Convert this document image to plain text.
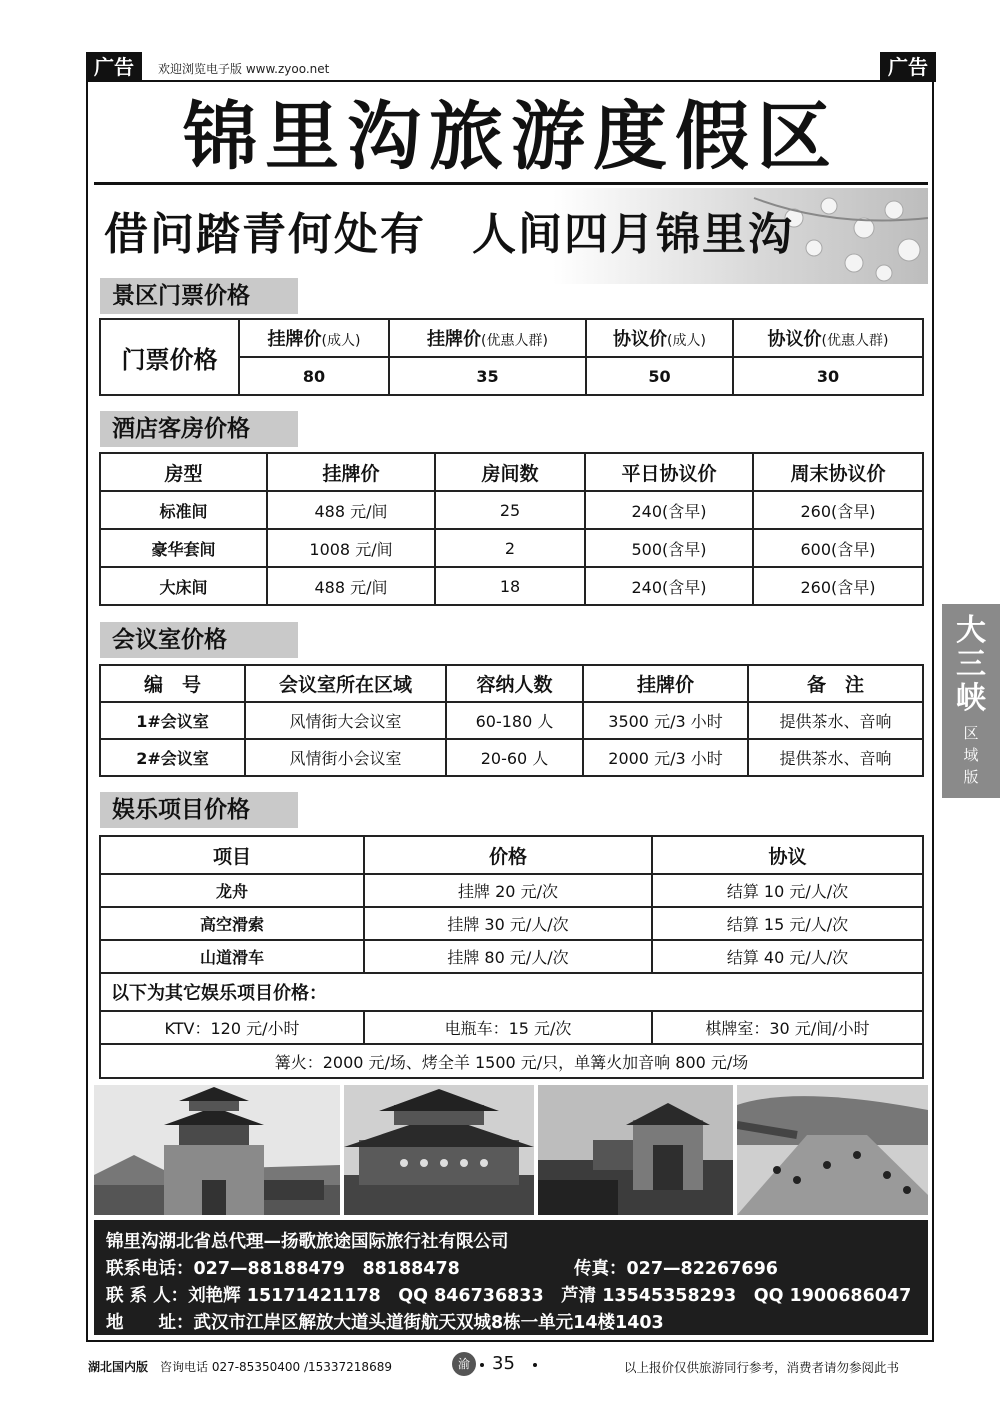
广告	欢迎浏览电子版 www.zyoo.net	广告
锦里沟旅游度假区
借问踏青何处有　人间四月锦里沟
景区门票价格
门票价格	挂牌价(成人)	挂牌价(优惠人群)	协议价(成人)	协议价(优惠人群)
	80	35	50	30
酒店客房价格
房型	挂牌价	房间数	平日协议价	周末协议价
标准间	488 元/间	25	240(含早)	260(含早)
豪华套间	1008 元/间	2	500(含早)	600(含早)
大床间	488 元/间	18	240(含早)	260(含早)
会议室价格
编　号	会议室所在区域	容纳人数	挂牌价	备　注
1#会议室	风情街大会议室	60-180 人	3500 元/3 小时	提供茶水、音响
2#会议室	风情街小会议室	20-60 人	2000 元/3 小时	提供茶水、音响
娱乐项目价格
项目	价格	协议
龙舟	挂牌 20 元/次	结算 10 元/人/次
高空滑索	挂牌 30 元/人/次	结算 15 元/人/次
山道滑车	挂牌 80 元/人/次	结算 40 元/人/次
以下为其它娱乐项目价格：		
KTV：120 元/小时	电瓶车：15 元/次	棋牌室：30 元/间/小时
篝火：2000 元/场、烤全羊 1500 元/只，单篝火加音响 800 元/场		
锦里沟湖北省总代理—扬歌旅途国际旅行社有限公司
联系电话：027—88188479　88188478	传真：027—82267696
联 系 人：刘艳辉 15171421178　QQ 846736833　芦清 13545358293　QQ 1900686047
地　　址：武汉市江岸区解放大道头道街航天双城8栋一单元14楼1403
大三峡
区域版
湖北国内版 咨询电话 027-85350400 /15337218689	渝	35	以上报价仅供旅游同行参考，消费者请勿参阅此书
